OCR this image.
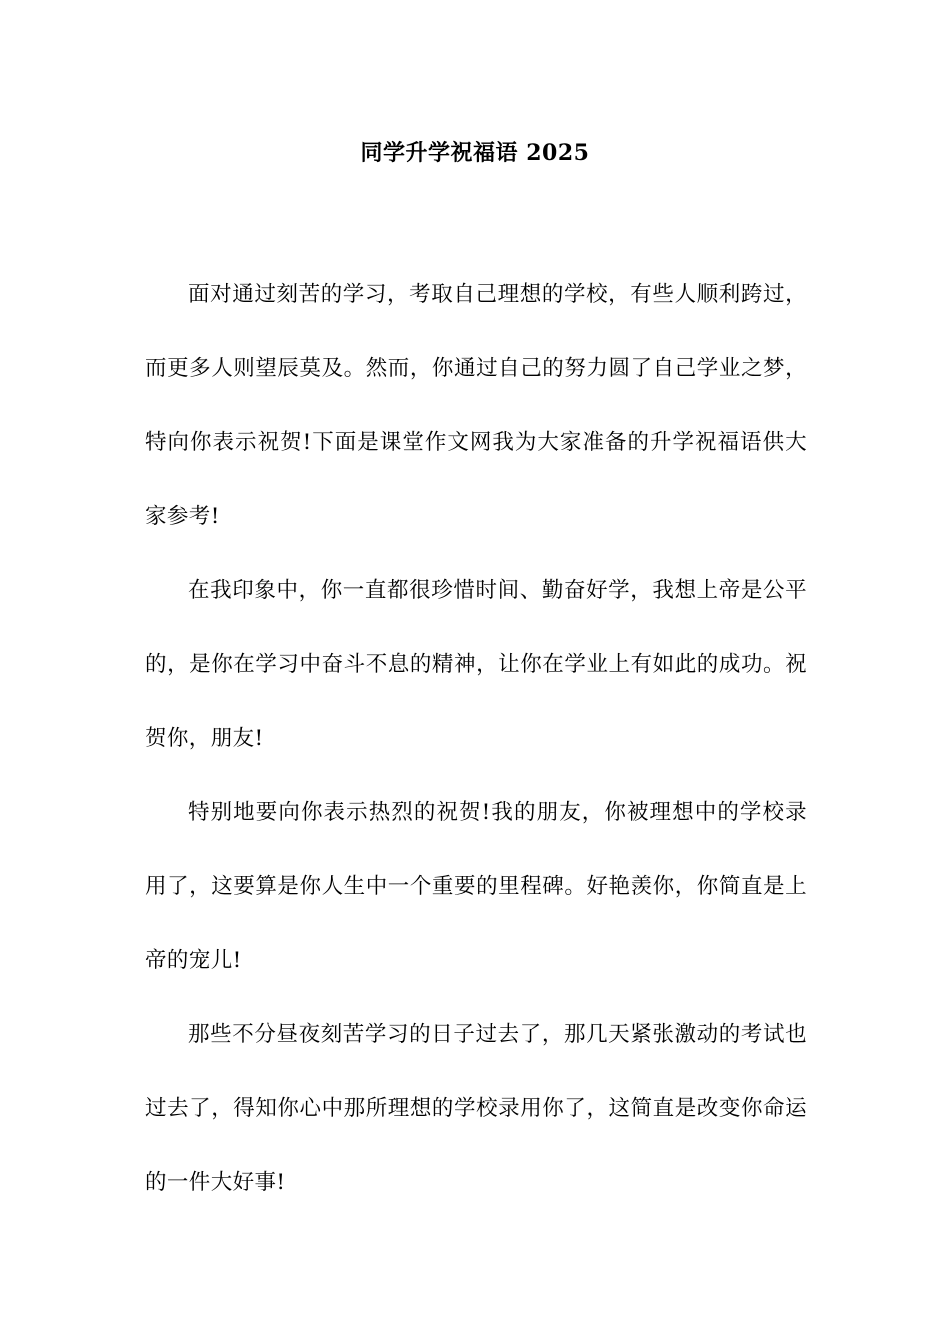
同学升学祝福语 2025

面对通过刻苦的学习，考取自己理想的学校，有些人顺利跨过，而更多人则望辰莫及。然而，你通过自己的努力圆了自己学业之梦，特向你表示祝贺!下面是课堂作文网我为大家准备的升学祝福语供大家参考!

在我印象中，你一直都很珍惜时间、勤奋好学，我想上帝是公平的，是你在学习中奋斗不息的精神，让你在学业上有如此的成功。祝贺你，朋友!

特别地要向你表示热烈的祝贺!我的朋友，你被理想中的学校录用了，这要算是你人生中一个重要的里程碑。好艳羡你，你简直是上帝的宠儿!

那些不分昼夜刻苦学习的日子过去了，那几天紧张激动的考试也过去了，得知你心中那所理想的学校录用你了，这简直是改变你命运的一件大好事!
